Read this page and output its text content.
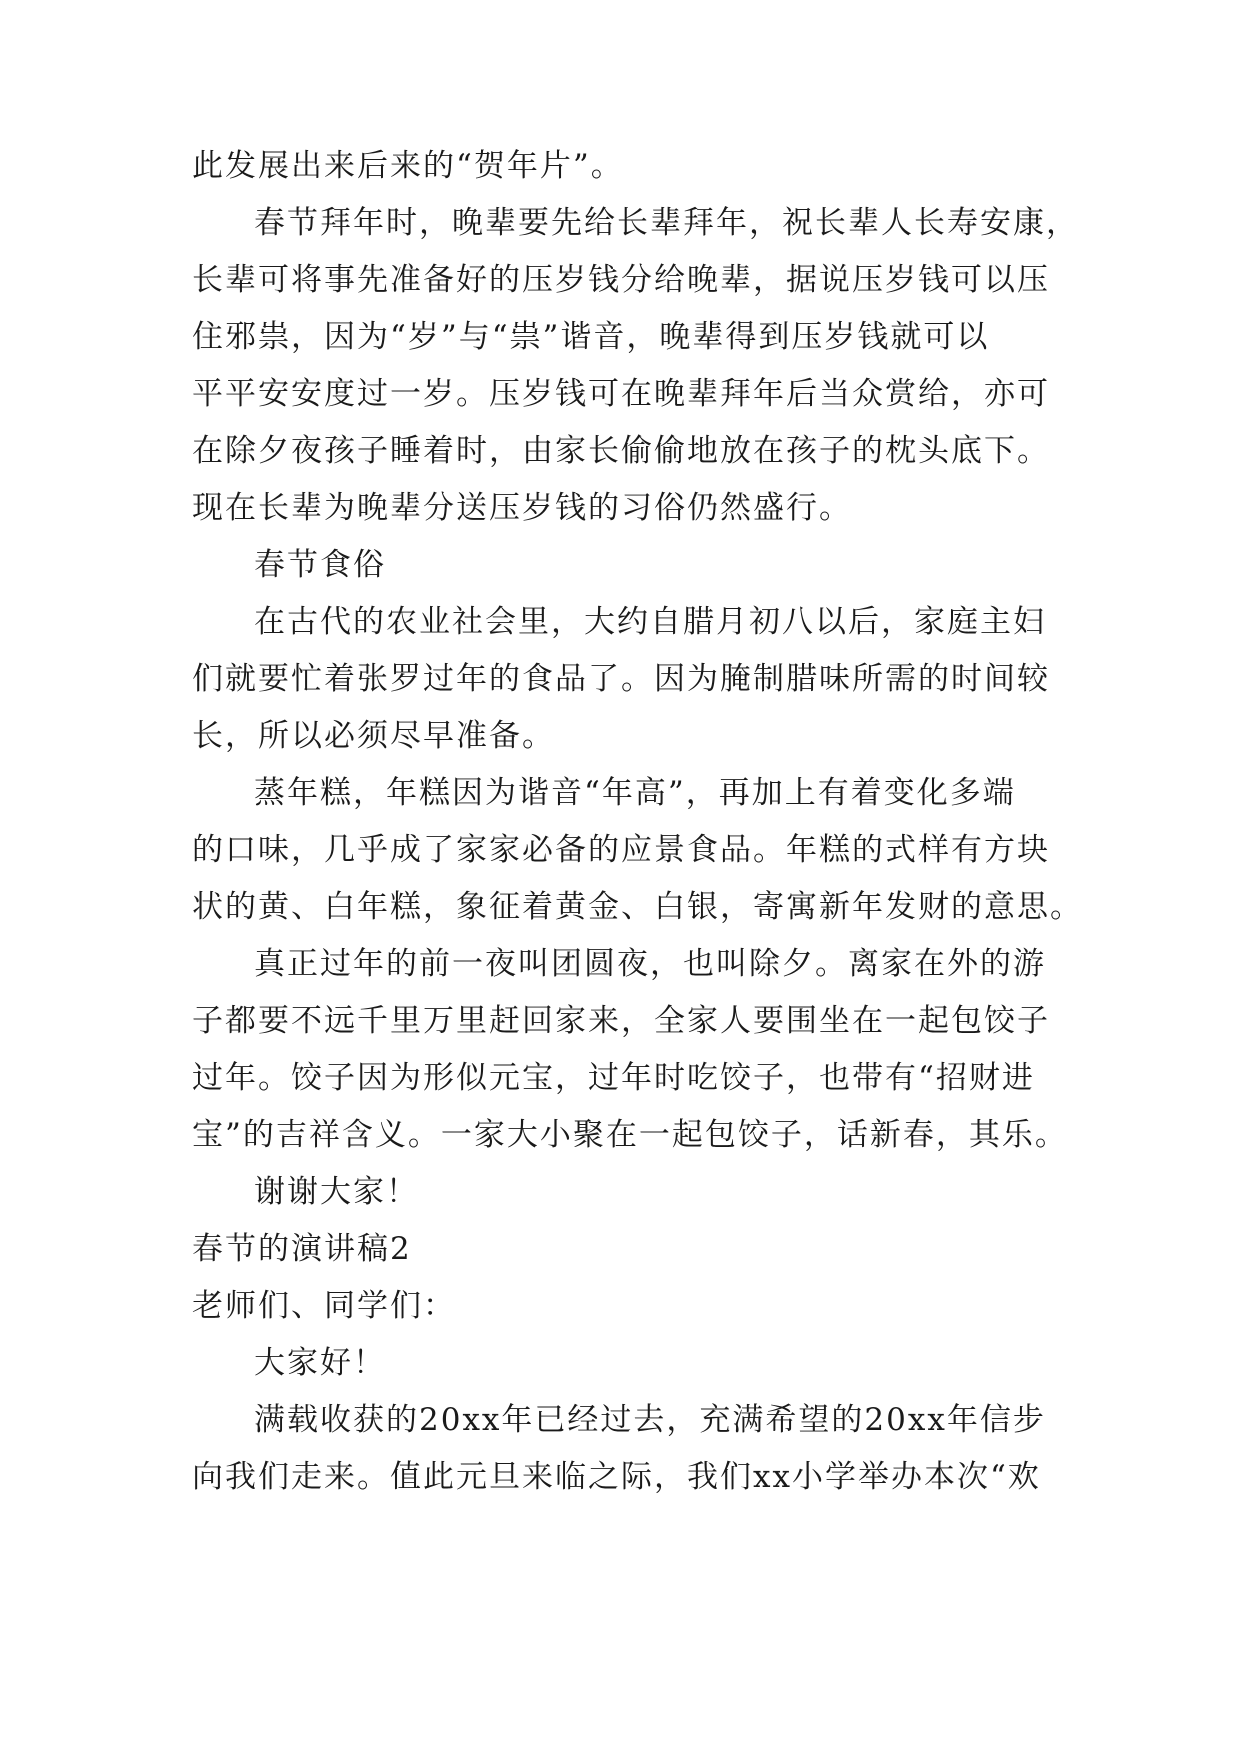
此发展出来后来的“贺年片”。
春节拜年时，晚辈要先给长辈拜年，祝长辈人长寿安康，
长辈可将事先准备好的压岁钱分给晚辈，据说压岁钱可以压
住邪祟，因为“岁”与“祟”谐音，晚辈得到压岁钱就可以
平平安安度过一岁。压岁钱可在晚辈拜年后当众赏给，亦可
在除夕夜孩子睡着时，由家长偷偷地放在孩子的枕头底下。
现在长辈为晚辈分送压岁钱的习俗仍然盛行。
春节食俗
在古代的农业社会里，大约自腊月初八以后，家庭主妇
们就要忙着张罗过年的食品了。因为腌制腊味所需的时间较
长，所以必须尽早准备。
蒸年糕，年糕因为谐音“年高”，再加上有着变化多端
的口味，几乎成了家家必备的应景食品。年糕的式样有方块
状的黄、白年糕，象征着黄金、白银，寄寓新年发财的意思。
真正过年的前一夜叫团圆夜，也叫除夕。离家在外的游
子都要不远千里万里赶回家来，全家人要围坐在一起包饺子
过年。饺子因为形似元宝，过年时吃饺子，也带有“招财进
宝”的吉祥含义。一家大小聚在一起包饺子，话新春，其乐。
谢谢大家！
春节的演讲稿2
老师们、同学们：
大家好！
满载收获的20xx年已经过去，充满希望的20xx年信步
向我们走来。值此元旦来临之际，我们xx小学举办本次“欢
